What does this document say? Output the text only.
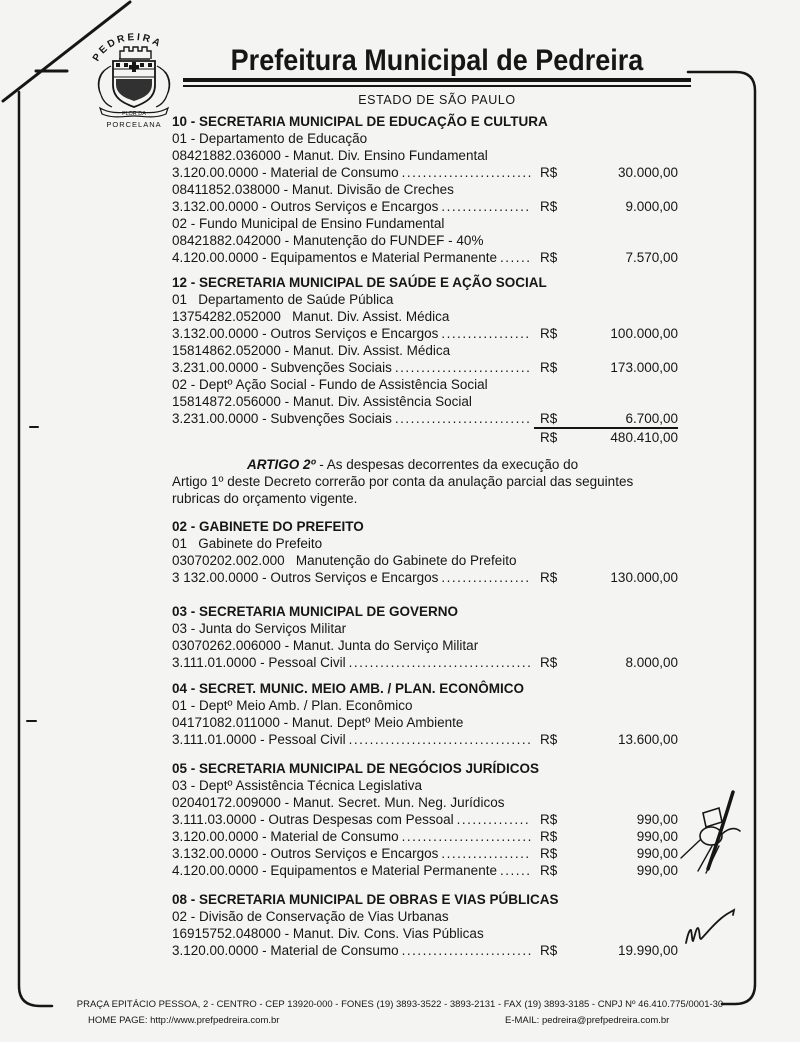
PEDREIRA
FLOR DA
PORCELANA
Prefeitura Municipal de Pedreira
ESTADO DE SÃO PAULO
10 - SECRETARIA MUNICIPAL DE EDUCAÇÃO E CULTURA
01 - Departamento de Educação
08421882.036000 - Manut. Div. Ensino Fundamental
3.120.00.0000 - Material de Consumo .....	R$	30.000,00
08411852.038000 - Manut. Divisão de Creches
3.132.00.0000 - Outros Serviços e Encargos .....	R$	9.000,00
02 - Fundo Municipal de Ensino Fundamental
08421882.042000 - Manutenção do FUNDEF - 40%
4.120.00.0000 - Equipamentos e Material Permanente .....	R$	7.570,00
12 - SECRETARIA MUNICIPAL DE SAÚDE E AÇÃO SOCIAL
01   Departamento de Saúde Pública
13754282.052000   Manut. Div. Assist. Médica
3.132.00.0000 - Outros Serviços e Encargos .....	R$	100.000,00
15814862.052000 - Manut. Div. Assist. Médica
3.231.00.0000 - Subvenções Sociais .....	R$	173.000,00
02 - Deptº Ação Social - Fundo de Assistência Social
15814872.056000 - Manut. Div. Assistência Social
3.231.00.0000 - Subvenções Sociais .....	R$	6.700,00
R$	480.410,00
ARTIGO 2º - As despesas decorrentes da execução do
Artigo 1º deste Decreto correrão por conta da anulação parcial das seguintes
rubricas do orçamento vigente.
02 - GABINETE DO PREFEITO
01   Gabinete do Prefeito
03070202.002.000   Manutenção do Gabinete do Prefeito
3 132.00.0000 - Outros Serviços e Encargos .....	R$	130.000,00
03 - SECRETARIA MUNICIPAL DE GOVERNO
03 - Junta do Serviços Militar
03070262.006000 - Manut. Junta do Serviço Militar
3.111.01.0000 - Pessoal Civil .....	R$	8.000,00
04 - SECRET. MUNIC. MEIO AMB. / PLAN. ECONÔMICO
01 - Deptº Meio Amb. / Plan. Econômico
04171082.011000 - Manut. Deptº Meio Ambiente
3.111.01.0000 - Pessoal Civil .....	R$	13.600,00
05 - SECRETARIA MUNICIPAL DE NEGÓCIOS JURÍDICOS
03 - Deptº Assistência Técnica Legislativa
02040172.009000 - Manut. Secret. Mun. Neg. Jurídicos
3.111.03.0000 - Outras Despesas com Pessoal .....	R$	990,00
3.120.00.0000 - Material de Consumo .....	R$	990,00
3.132.00.0000 - Outros Serviços e Encargos .....	R$	990,00
4.120.00.0000 - Equipamentos e Material Permanente .....	R$	990,00
08 - SECRETARIA MUNICIPAL DE OBRAS E VIAS PÚBLICAS
02 - Divisão de Conservação de Vias Urbanas
16915752.048000 - Manut. Div. Cons. Vias Públicas
3.120.00.0000 - Material de Consumo .....	R$	19.990,00
PRAÇA EPITÁCIO PESSOA, 2 - CENTRO - CEP 13920-000 - FONES (19) 3893-3522 - 3893-2131 - FAX (19) 3893-3185 - CNPJ Nº 46.410.775/0001-30
HOME PAGE: http://www.prefpedreira.com.br	E-MAIL: pedreira@prefpedreira.com.br
